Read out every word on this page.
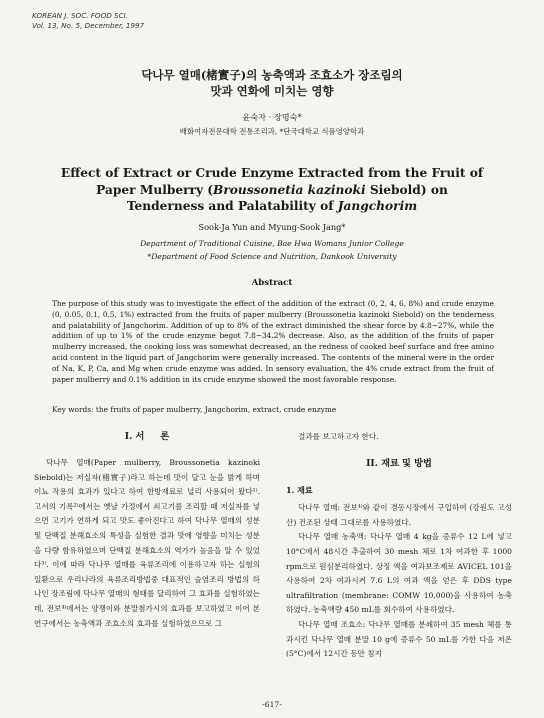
KOREAN J. SOC. FOOD SCI.
Vol. 13, No. 5, December, 1997
닥나무 열매(楮實子)의 농축액과 조효소가 장조림의
맛과 연화에 미치는 영향
윤숙자 · 장명숙*
배화여자전문대학 전통조리과, *단국대학교 식품영양학과
Effect of Extract or Crude Enzyme Extracted from the Fruit of
Paper Mulberry (Broussonetia kazinoki Siebold) on
Tenderness and Palatability of Jangchorim
Sook-Ja Yun and Myung-Sook Jang*
Department of Traditional Cuisine, Bae Hwa Womans Junior College
*Department of Food Science and Nutrition, Dankook University
Abstract
The purpose of this study was to investigate the effect of the addition of the extract (0, 2, 4, 6, 8%) and crude enzyme (0, 0.05, 0.1, 0.5, 1%) extracted from the fruits of paper mulberry (Broussonetia kazinoki Siebold) on the tenderness and palatability of Jangchorim. Addition of up to 8% of the extract diminished the shear force by 4.8~27%, while the addition of up to 1% of the crude enzyme begot 7.8~34.2% decrease. Also, as the addition of the fruits of paper mulberry increased, the cooking loss was somewhat decreased, an the redness of cooked beef surface and free amino acid content in the liquid part of Jangchorim were generally increased. The contents of the mineral were in the order of Na, K, P, Ca, and Mg when crude enzyme was added. In sensory evaluation, the 4% crude extract from the fruit of paper mulberry and 0.1% addition in its crude enzyme showed the most favorable response.
Key words: the fruits of paper mulberry, Jangchorim, extract, crude enzyme
I. 서     론
닥나무 열매(Paper mulberry, Broussonetia kazinoki Siebold)는 저실자(楮實子)라고 하는데 맛이 달고 눈을 밝게 하며 이뇨 작용의 효과가 있다고 하여 한방재료로 널리 사용되어 왔다¹⁾. 고서의 기록²⁾에서는 옛날 가정에서 쇠고기를 조리할 때 저실자를 넣으면 고기가 연하게 되고 맛도 좋아진다고 하여 닥나무 열매의 성분 및 단백질 분해효소의 특성을 실험한 결과 맛에 영향을 미치는 성분을 다량 함유하였으며 단백질 분해효소의 역가가 높음을 알 수 있었다³⁾. 이에 따라 닥나무 열매를 육류조리에 이용하고자 하는 실험의 일환으로 우리나라의 육류조리방법중 대표적인 슬염조리 방법의 하나인 장조림에 닥나무 열매의 형태를 달리하여 그 효과를 실험하였는데, 전보⁴⁾에서는 양쟁이와 분말첨가시의 효과를 보고하였고 이어 본 연구에서는 농축액과 조효소의 효과를 실험하였으므로 그
결과를 보고하고자 한다.
II. 재료 및 방법
1. 재료
닥나무 열매: 전보⁴⁾와 같이 경동시장에서 구입하여 (강원도 고성산) 건조된 상태 그대로를 사용하였다.
닥나무 열매 농축액: 닥나무 열매 4 kg을 증류수 12 L에 넣고 10°C에서 48시간 추출하여 30 mesh 체로 1차 여과한 후 1000 rpm으로 원심분리하였다. 상징 액을 여과보조제로 AVICEL 101을 사용하여 2차 여과시켜 7.6 L의 여과 액을 얻은 후 DDS type ultrafiltration (membrane: COMW 10,000)을 사용하여 농축하였다. 농축액량 450 mL를 회수하여 사용하였다.
닥나무 열매 조효소: 닥나무 열매를 분쇄하여 35 mesh 체를 통과시킨 닥나무 열매 분말 10 g에 증류수 50 mL를 가한 다음 저온(5°C)에서 12시간 동안 침지
-617-
